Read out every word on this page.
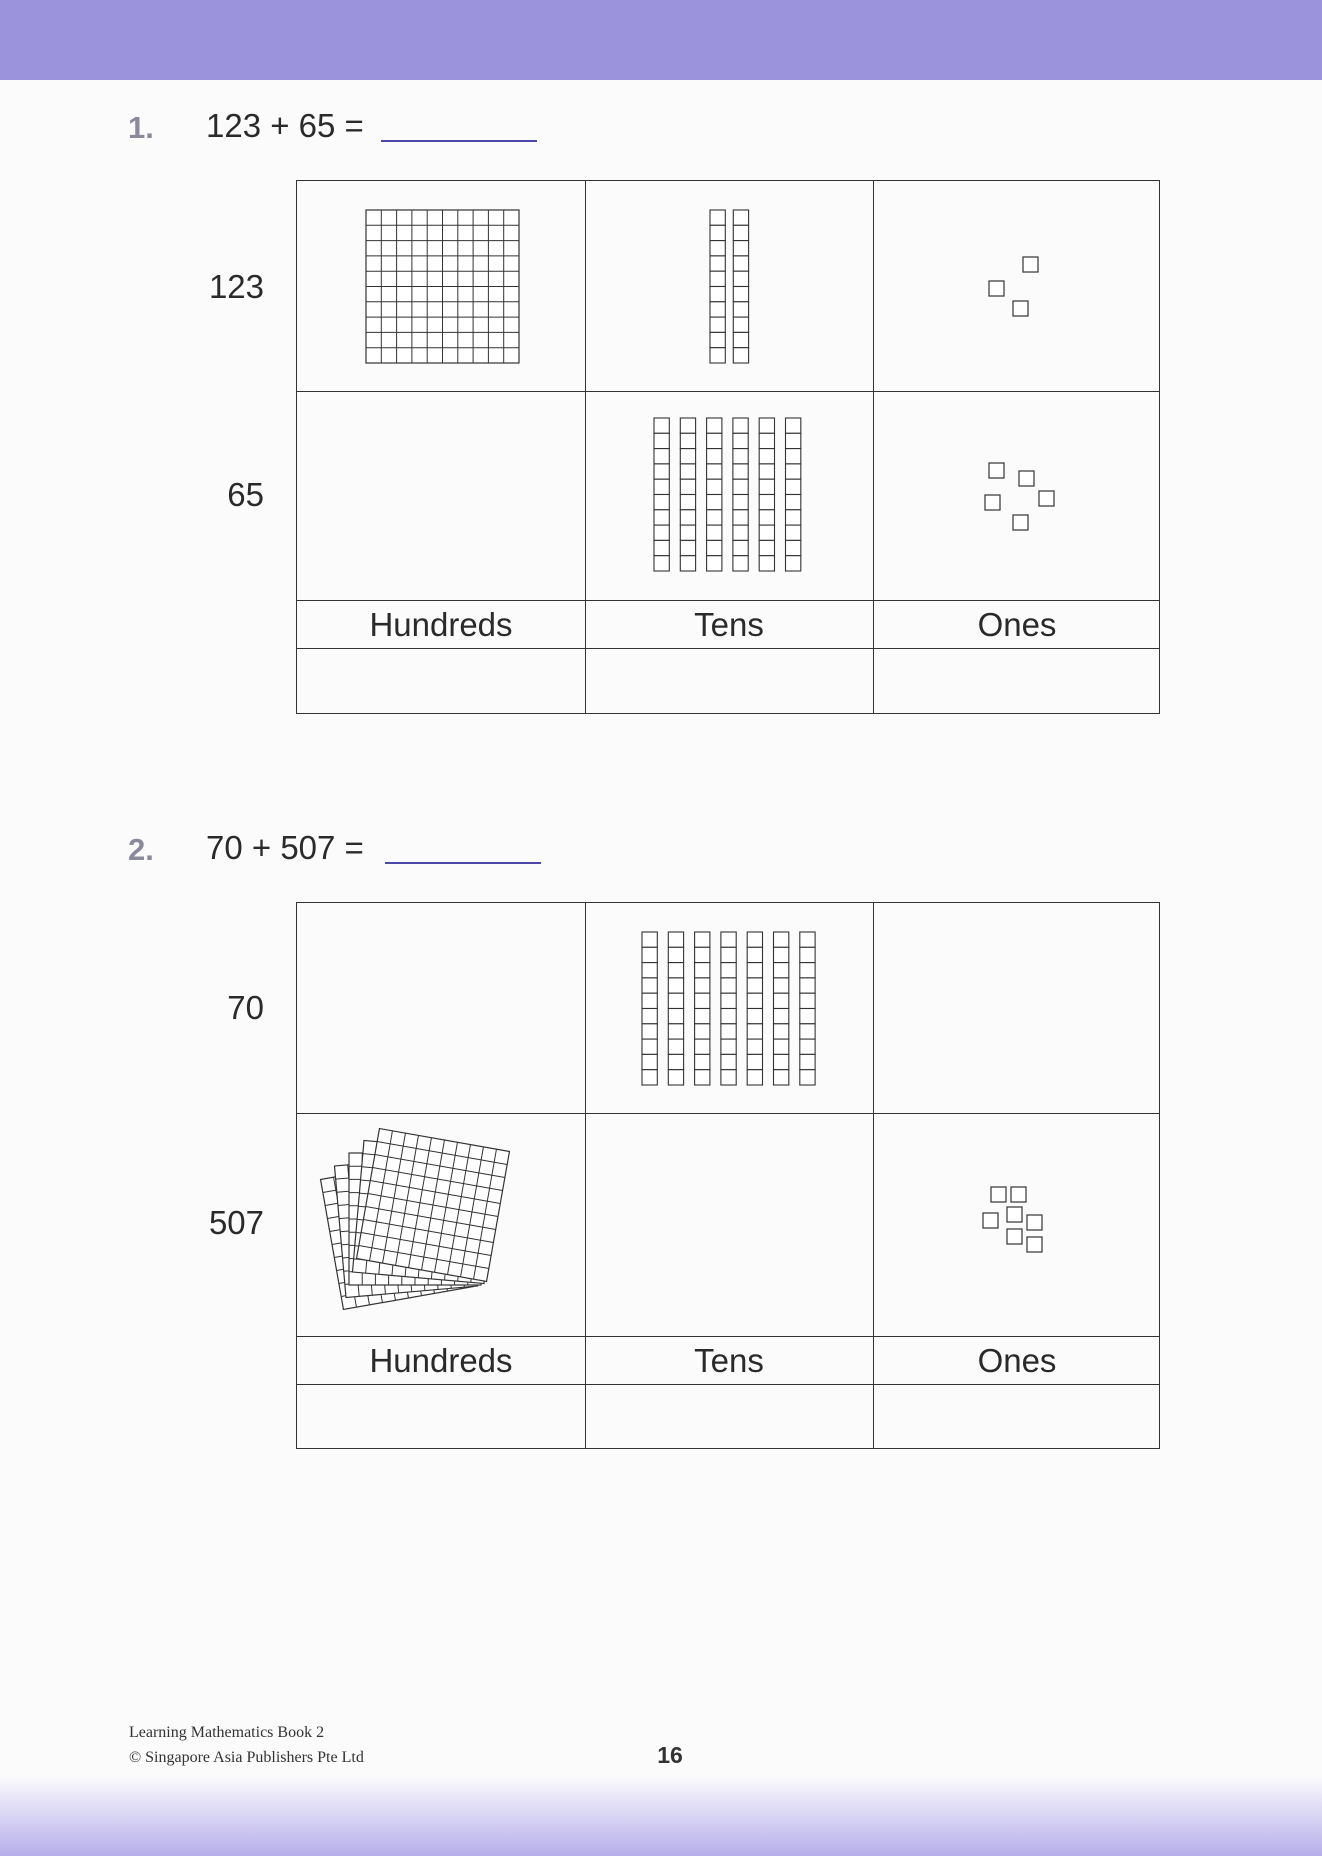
1. 123 + 65 =
123
65
Hundreds	Tens	Ones
2. 70 + 507 =
70
507
Hundreds	Tens	Ones
Learning Mathematics Book 2
© Singapore Asia Publishers Pte Ltd	16
